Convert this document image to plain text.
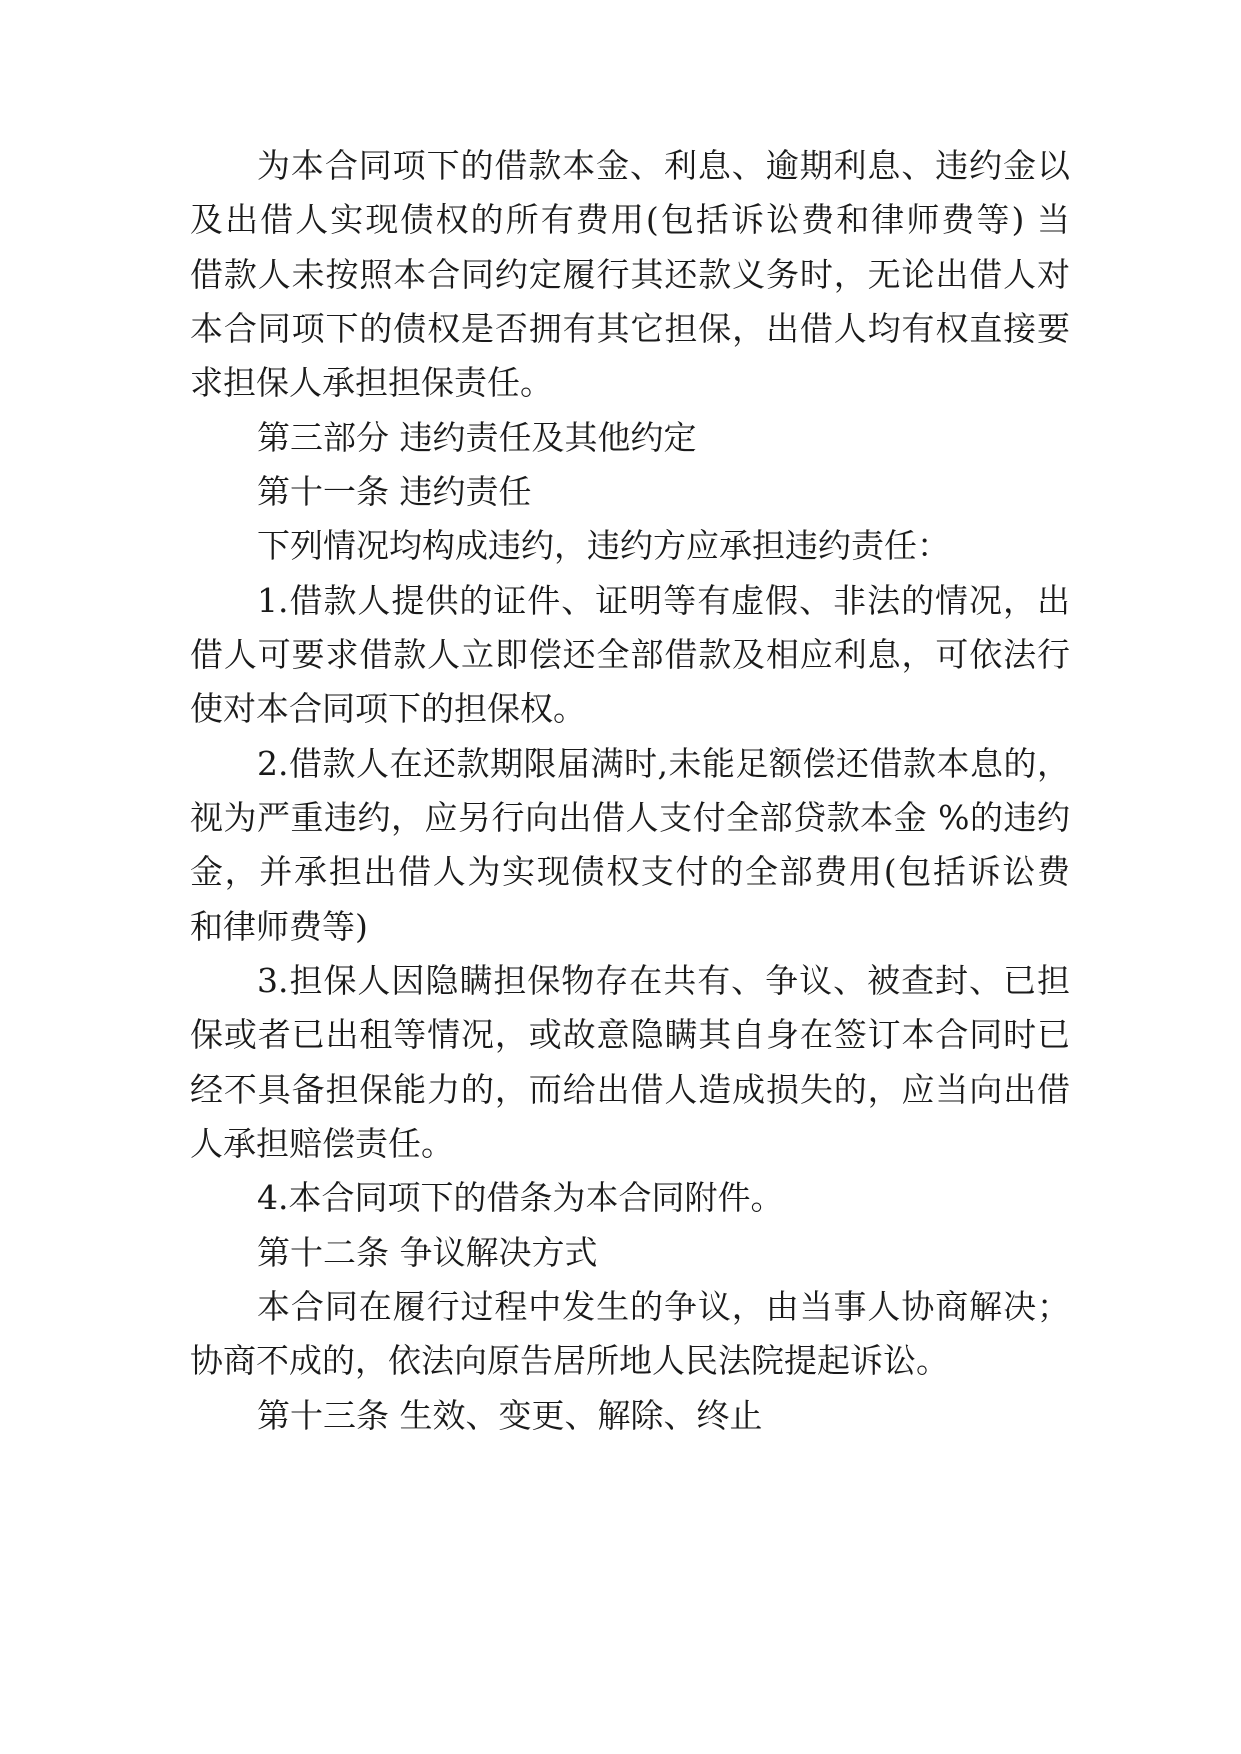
为本合同项下的借款本金、利息、逾期利息、违约金以
及出借人实现债权的所有费用(包括诉讼费和律师费等) 当
借款人未按照本合同约定履行其还款义务时，无论出借人对
本合同项下的债权是否拥有其它担保，出借人均有权直接要
求担保人承担担保责任。
第三部分 违约责任及其他约定
第十一条 违约责任
下列情况均构成违约，违约方应承担违约责任：
1.借款人提供的证件、证明等有虚假、非法的情况，出
借人可要求借款人立即偿还全部借款及相应利息，可依法行
使对本合同项下的担保权。
2.借款人在还款期限届满时,未能足额偿还借款本息的，
视为严重违约，应另行向出借人支付全部贷款本金 %的违约
金，并承担出借人为实现债权支付的全部费用(包括诉讼费
和律师费等)
3.担保人因隐瞒担保物存在共有、争议、被查封、已担
保或者已出租等情况，或故意隐瞒其自身在签订本合同时已
经不具备担保能力的，而给出借人造成损失的，应当向出借
人承担赔偿责任。
4.本合同项下的借条为本合同附件。
第十二条 争议解决方式
本合同在履行过程中发生的争议，由当事人协商解决；
协商不成的，依法向原告居所地人民法院提起诉讼。
第十三条 生效、变更、解除、终止
